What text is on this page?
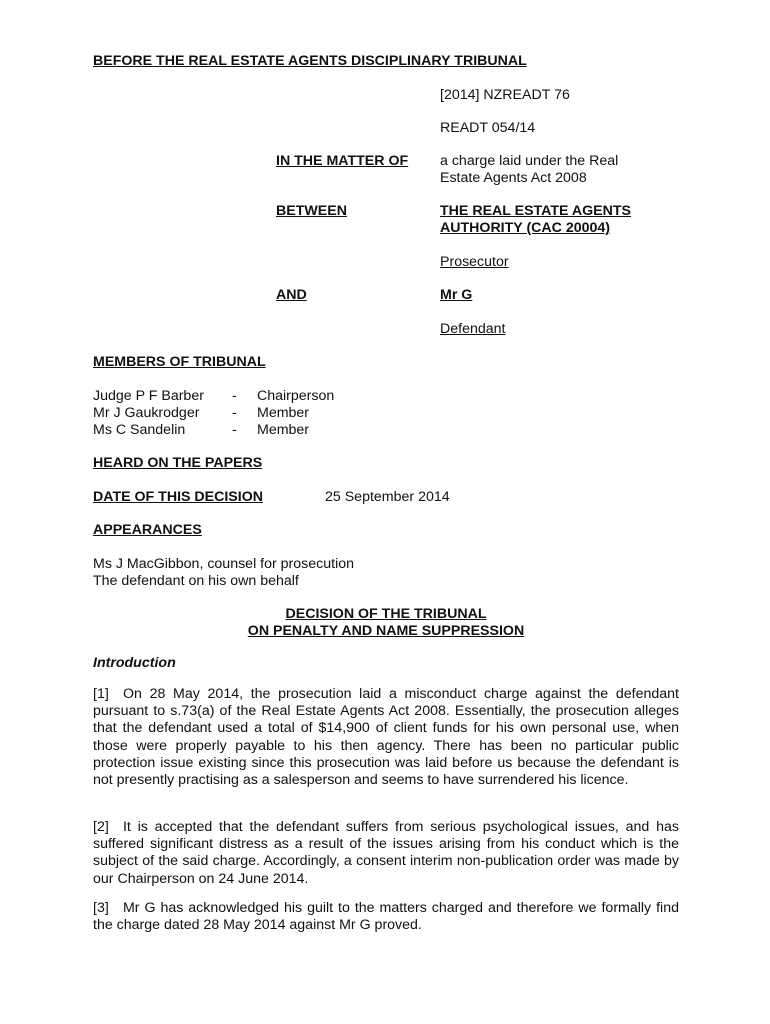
BEFORE THE REAL ESTATE AGENTS DISCIPLINARY TRIBUNAL
[2014] NZREADT 76
READT 054/14
IN THE MATTER OF a charge laid under the Real
Estate Agents Act 2008
BETWEEN	THE REAL ESTATE AGENTS
AUTHORITY (CAC 20004)
Prosecutor
AND	Mr G
Defendant
MEMBERS OF TRIBUNAL
Judge P F Barber - Chairperson
Mr J Gaukrodger - Member
Ms C Sandelin	- Member
HEARD ON THE PAPERS
DATE OF THIS DECISION	25 September 2014
APPEARANCES
Ms J MacGibbon, counsel for prosecution
The defendant on his own behalf
DECISION OF THE TRIBUNAL
ON PENALTY AND NAME SUPPRESSION
Introduction
[1] On 28 May 2014, the prosecution laid a misconduct charge against the defendant pursuant to s.73(a) of the Real Estate Agents Act 2008. Essentially, the prosecution alleges that the defendant used a total of $14,900 of client funds for his own personal use, when those were properly payable to his then agency. There has been no particular public protection issue existing since this prosecution was laid before us because the defendant is not presently practising as a salesperson and seems to have surrendered his licence.
[2] It is accepted that the defendant suffers from serious psychological issues, and has suffered significant distress as a result of the issues arising from his conduct which is the subject of the said charge. Accordingly, a consent interim non-publication order was made by our Chairperson on 24 June 2014.
[3] Mr G has acknowledged his guilt to the matters charged and therefore we formally find the charge dated 28 May 2014 against Mr G proved.
